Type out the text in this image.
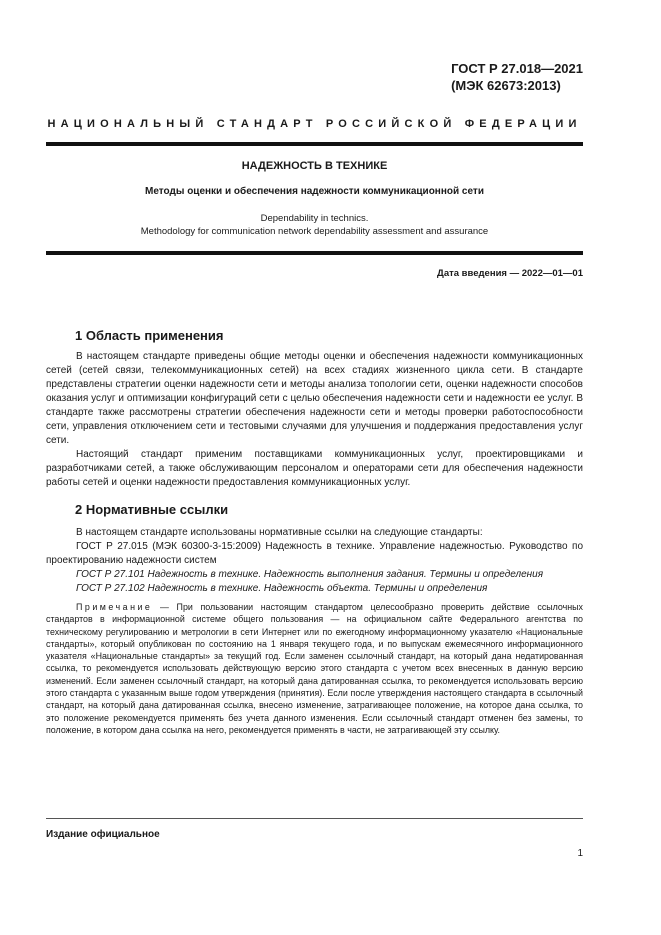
ГОСТ Р 27.018—2021
(МЭК 62673:2013)
НАЦИОНАЛЬНЫЙ СТАНДАРТ РОССИЙСКОЙ ФЕДЕРАЦИИ
НАДЕЖНОСТЬ В ТЕХНИКЕ
Методы оценки и обеспечения надежности коммуникационной сети
Dependability in technics.
Methodology for communication network dependability assessment and assurance
Дата введения — 2022—01—01
1 Область применения

В настоящем стандарте приведены общие методы оценки и обеспечения надежности коммуникационных сетей (сетей связи, телекоммуникационных сетей) на всех стадиях жизненного цикла сети. В стандарте представлены стратегии оценки надежности сети и методы анализа топологии сети, оценки надежности способов оказания услуг и оптимизации конфигураций сети с целью обеспечения надежности сети и надежности ее услуг. В стандарте также рассмотрены стратегии обеспечения надежности сети и методы проверки работоспособности сети, управления отключением сети и тестовыми случаями для улучшения и поддержания предоставления услуг сети.

Настоящий стандарт применим поставщиками коммуникационных услуг, проектировщиками и разработчиками сетей, а также обслуживающим персоналом и операторами сети для обеспечения надежности работы сетей и оценки надежности предоставления коммуникационных услуг.

2 Нормативные ссылки

В настоящем стандарте использованы нормативные ссылки на следующие стандарты:

ГОСТ Р 27.015 (МЭК 60300-3-15:2009) Надежность в технике. Управление надежностью. Руководство по проектированию надежности систем

ГОСТ Р 27.101 Надежность в технике. Надежность выполнения задания. Термины и определения

ГОСТ Р 27.102 Надежность в технике. Надежность объекта. Термины и определения

Примечание — При пользовании настоящим стандартом целесообразно проверить действие ссылочных стандартов в информационной системе общего пользования — на официальном сайте Федерального агентства по техническому регулированию и метрологии в сети Интернет или по ежегодному информационному указателю «Национальные стандарты», который опубликован по состоянию на 1 января текущего года, и по выпускам ежемесячного информационного указателя «Национальные стандарты» за текущий год. Если заменен ссылочный стандарт, на который дана недатированная ссылка, то рекомендуется использовать действующую версию этого стандарта с учетом всех внесенных в данную версию изменений. Если заменен ссылочный стандарт, на который дана датированная ссылка, то рекомендуется использовать версию этого стандарта с указанным выше годом утверждения (принятия). Если после утверждения настоящего стандарта в ссылочный стандарт, на который дана датированная ссылка, внесено изменение, затрагивающее положение, на которое дана ссылка, то это положение рекомендуется применять без учета данного изменения. Если ссылочный стандарт отменен без замены, то положение, в котором дана ссылка на него, рекомендуется применять в части, не затрагивающей эту ссылку.

Издание официальное
1
